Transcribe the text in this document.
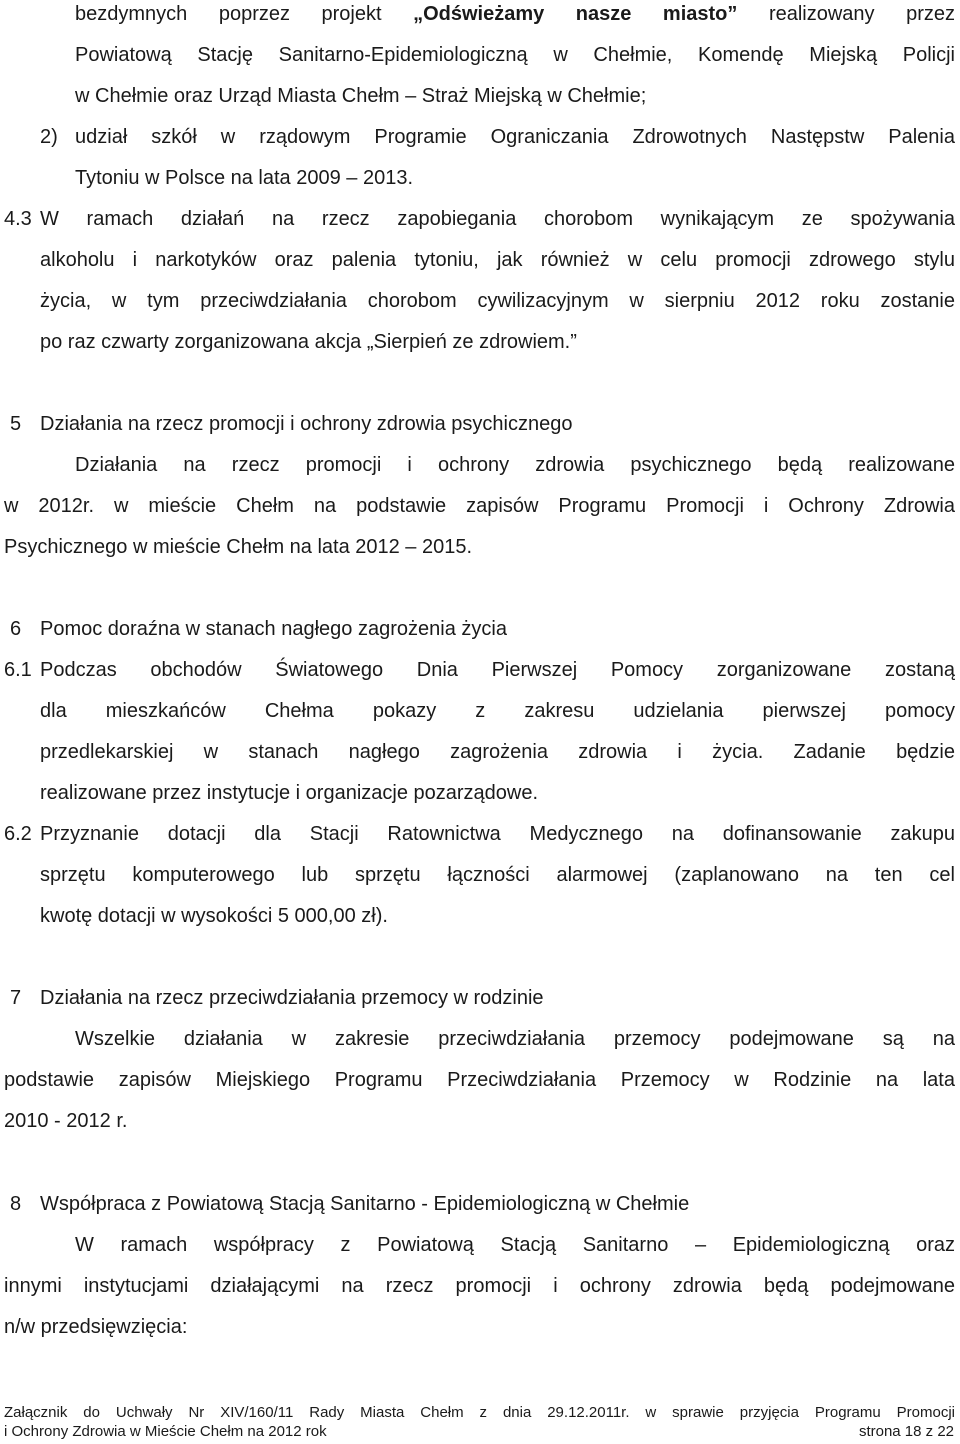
bezdymnych poprzez projekt „Odświeżamy nasze miasto” realizowany przez
Powiatową Stację Sanitarno-Epidemiologiczną w Chełmie, Komendę Miejską Policji
w Chełmie oraz Urząd Miasta Chełm – Straż Miejską w Chełmie;
2) udział szkół w rządowym Programie Ograniczania Zdrowotnych Następstw Palenia
Tytoniu w Polsce na lata 2009 – 2013.
4.3 W ramach działań na rzecz zapobiegania chorobom wynikającym ze spożywania
alkoholu i narkotyków oraz palenia tytoniu, jak również w celu promocji zdrowego stylu
życia, w tym przeciwdziałania chorobom cywilizacyjnym w sierpniu 2012 roku zostanie
po raz czwarty zorganizowana akcja „Sierpień ze zdrowiem.”
5 Działania na rzecz promocji i ochrony zdrowia psychicznego
Działania na rzecz promocji i ochrony zdrowia psychicznego będą realizowane
w 2012r. w mieście Chełm na podstawie zapisów Programu Promocji i Ochrony Zdrowia
Psychicznego w mieście Chełm na lata 2012 – 2015.
6 Pomoc doraźna w stanach nagłego zagrożenia życia
6.1 Podczas obchodów Światowego Dnia Pierwszej Pomocy zorganizowane zostaną
dla mieszkańców Chełma pokazy z zakresu udzielania pierwszej pomocy
przedlekarskiej w stanach nagłego zagrożenia zdrowia i życia. Zadanie będzie
realizowane przez instytucje i organizacje pozarządowe.
6.2 Przyznanie dotacji dla Stacji Ratownictwa Medycznego na dofinansowanie zakupu
sprzętu komputerowego lub sprzętu łączności alarmowej (zaplanowano na ten cel
kwotę dotacji w wysokości 5 000,00 zł).
7 Działania na rzecz przeciwdziałania przemocy w rodzinie
Wszelkie działania w zakresie przeciwdziałania przemocy podejmowane są na
podstawie zapisów Miejskiego Programu Przeciwdziałania Przemocy w Rodzinie na lata
2010 - 2012 r.
8 Współpraca z Powiatową Stacją Sanitarno - Epidemiologiczną w Chełmie
W ramach współpracy z Powiatową Stacją Sanitarno – Epidemiologiczną oraz
innymi instytucjami działającymi na rzecz promocji i ochrony zdrowia będą podejmowane
n/w przedsięwzięcia:
Załącznik do Uchwały Nr XIV/160/11 Rady Miasta Chełm z dnia 29.12.2011r. w sprawie przyjęcia Programu Promocji
i Ochrony Zdrowia w Mieście Chełm na 2012 rok	strona 18 z 22
